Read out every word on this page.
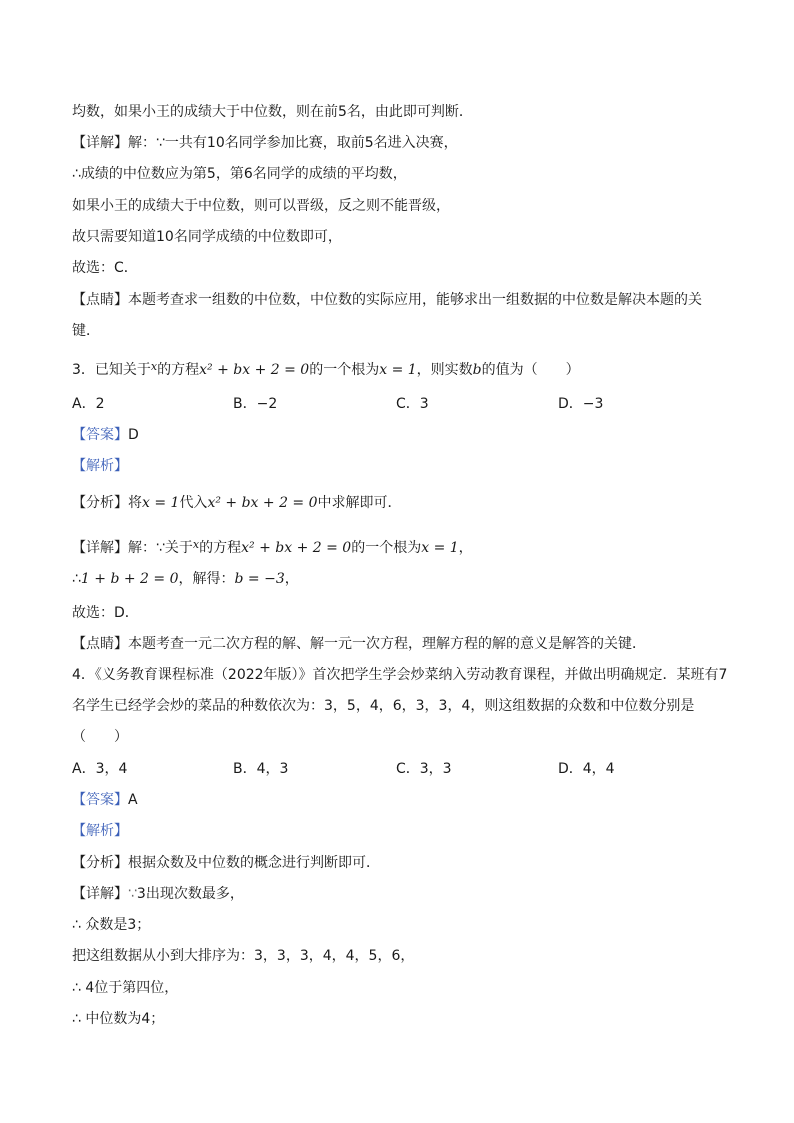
均数，如果小王的成绩大于中位数，则在前5名，由此即可判断．
【详解】解：∵一共有10名同学参加比赛，取前5名进入决赛，
∴成绩的中位数应为第5，第6名同学的成绩的平均数，
如果小王的成绩大于中位数，则可以晋级，反之则不能晋级，
故只需要知道10名同学成绩的中位数即可，
故选：C．
【点睛】本题考查求一组数的中位数，中位数的实际应用，能够求出一组数据的中位数是解决本题的关
键．
3．已知关于$^x$的方程x² + bx + 2 = 0的一个根为x = 1，则实数b的值为（　　）
A．2	B．−2	C．3	D．−3
【答案】D
【解析】
【分析】将x = 1代入x² + bx + 2 = 0中求解即可．
【详解】解：∵关于$^x$的方程x² + bx + 2 = 0的一个根为x = 1，
∴1 + b + 2 = 0，解得：b = −3，
故选：D．
【点睛】本题考查一元二次方程的解、解一元一次方程，理解方程的解的意义是解答的关键．
4．《义务教育课程标准（2022年版）》首次把学生学会炒菜纳入劳动教育课程，并做出明确规定．某班有7
名学生已经学会炒的菜品的种数依次为：3，5，4，6，3，3，4，则这组数据的众数和中位数分别是
（　　）
A．3，4	B．4，3	C．3，3	D．4，4
【答案】A
【解析】
【分析】根据众数及中位数的概念进行判断即可．
【详解】∵3出现次数最多，
∴ 众数是3；
把这组数据从小到大排序为：3，3，3，4，4，5，6，
∴ 4位于第四位，
∴ 中位数为4；
